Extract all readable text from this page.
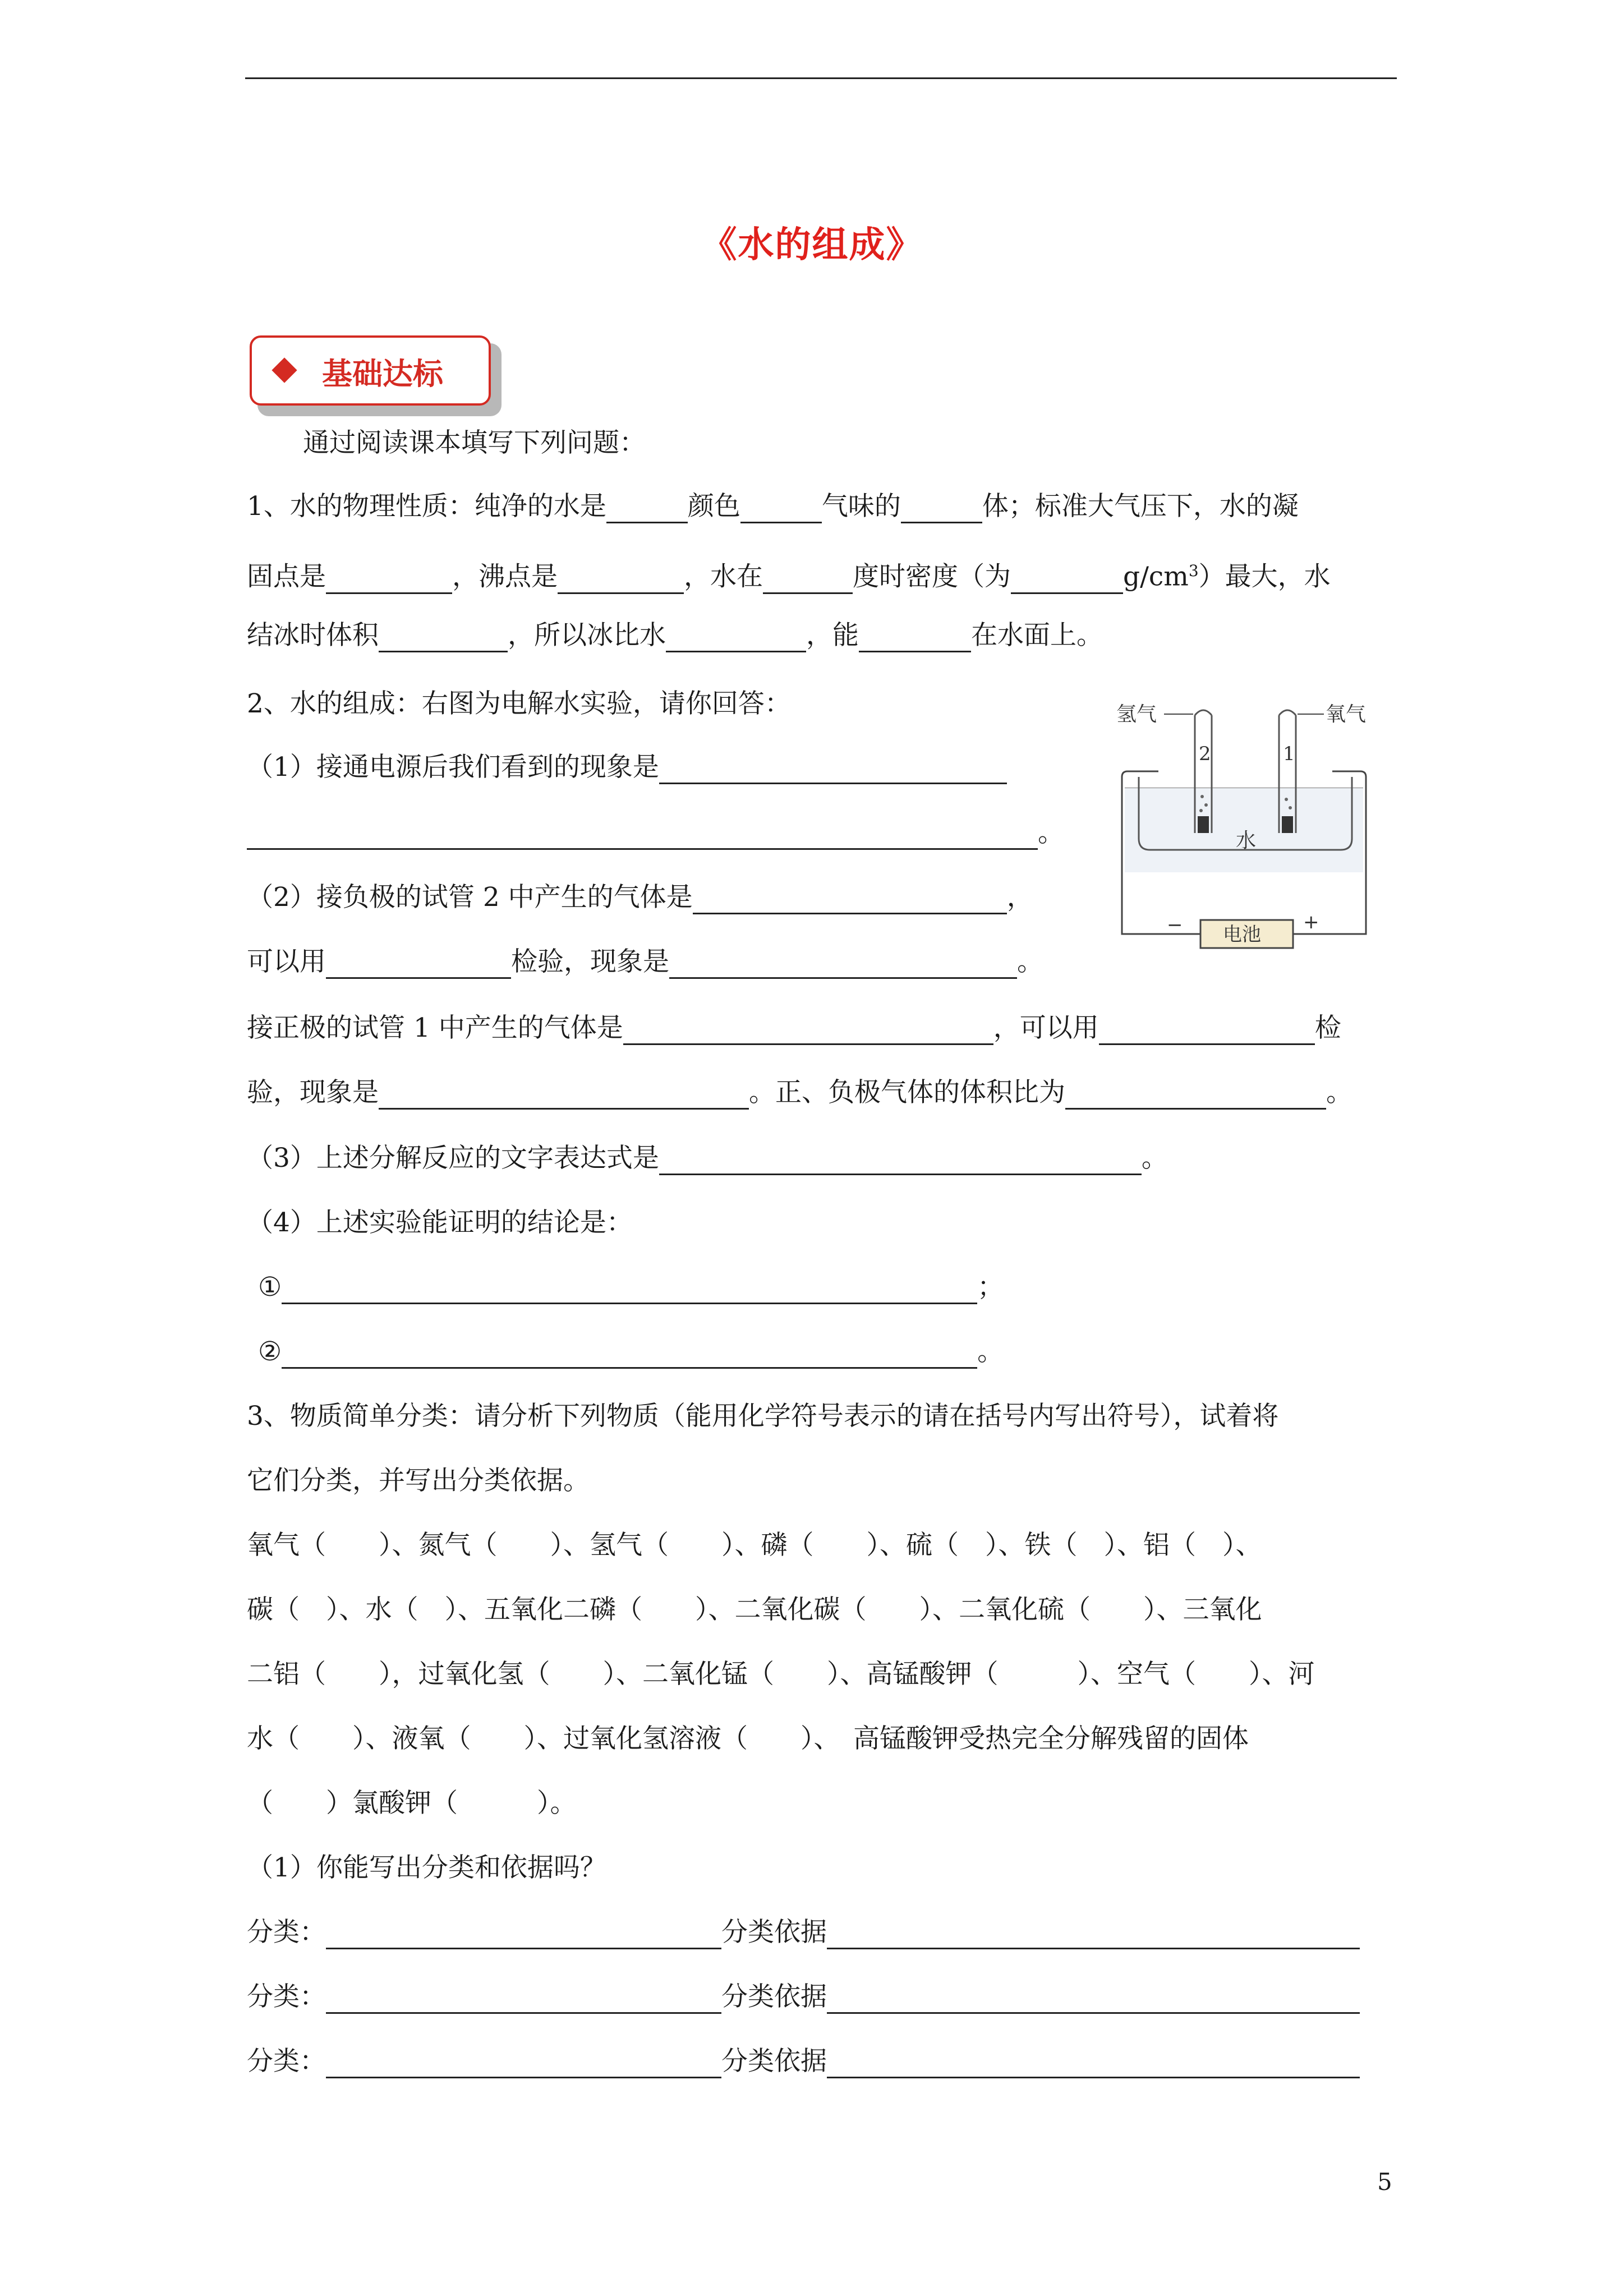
《水的组成》
基础达标
通过阅读课本填写下列问题：
1、水的物理性质：纯净的水是	颜色	气味的	体；标准大气压下，水的凝
固点是	，沸点是	，水在	度时密度（为	$g/cm^3$）最大，水
结冰时体积	，所以冰比水	，能	在水面上。
2、水的组成：右图为电解水实验，请你回答：
（1）接通电源后我们看到的现象是
。
（2）接负极的试管 2 中产生的气体是	，
可以用	检验，现象是	。
接正极的试管 1 中产生的气体是	，可以用	检
验，现象是	。正、负极气体的体积比为	。
（3）上述分解反应的文字表达式是	。
（4）上述实验能证明的结论是：
①	；
②	。
氢气	氧气
2	1
水
电池
−	+
3、物质简单分类：请分析下列物质（能用化学符号表示的请在括号内写出符号），试着将
它们分类，并写出分类依据。
氧气（　　）、氮气（　　）、氢气（　　）、磷（　　）、硫（　）、铁（　）、铝（　）、
碳（　）、水（　）、五氧化二磷（　　）、二氧化碳（　　）、二氧化硫（　　）、三氧化
二铝（　　），过氧化氢（　　）、二氧化锰（　　）、高锰酸钾（　　　）、空气（　　）、河
水（　　）、液氧（　　）、过氧化氢溶液（　　）、　高锰酸钾受热完全分解残留的固体
（　　）氯酸钾（　　　）。
（1）你能写出分类和依据吗？
分类：	分类依据
分类：	分类依据
分类：	分类依据
5
